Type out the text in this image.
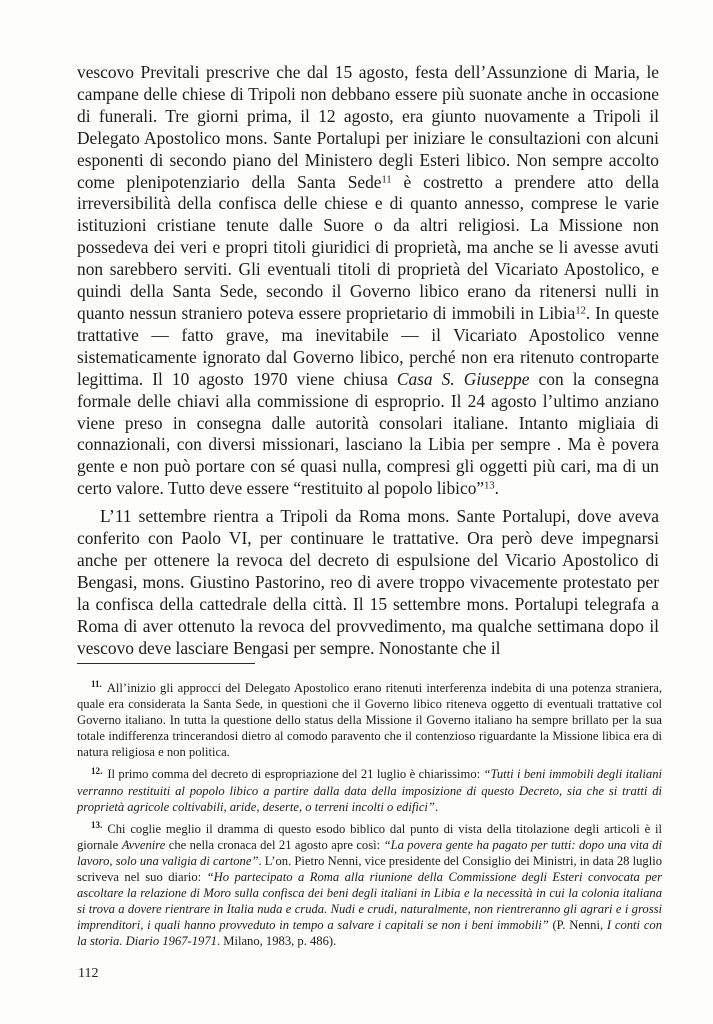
vescovo Previtali prescrive che dal 15 agosto, festa dell’Assunzione di Maria, le campane delle chiese di Tripoli non debbano essere più suonate anche in occasione di funerali. Tre giorni prima, il 12 agosto, era giunto nuovamente a Tripoli il Delegato Apostolico mons. Sante Portalupi per iniziare le consultazioni con alcuni esponenti di secondo piano del Ministero degli Esteri libico. Non sempre accolto come plenipotenziario della Santa Sede$^{11}$ è costretto a prendere atto della irreversibilità della confisca delle chiese e di quanto annesso, comprese le varie istituzioni cristiane tenute dalle Suore o da altri religiosi. La Missione non possedeva dei veri e propri titoli giuridici di proprietà, ma anche se li avesse avuti non sarebbero serviti. Gli eventuali titoli di proprietà del Vicariato Apostolico, e quindi della Santa Sede, secondo il Governo libico erano da ritenersi nulli in quanto nessun straniero poteva essere proprietario di immobili in Libia$^{12}$. In queste trattative — fatto grave, ma inevitabile — il Vicariato Apostolico venne sistematicamente ignorato dal Governo libico, perché non era ritenuto controparte legittima. Il 10 agosto 1970 viene chiusa Casa S. Giuseppe con la consegna formale delle chiavi alla commissione di esproprio. Il 24 agosto l’ultimo anziano viene preso in consegna dalle autorità consolari italiane. Intanto migliaia di connazionali, con diversi missionari, lasciano la Libia per sempre . Ma è povera gente e non può portare con sé quasi nulla, compresi gli oggetti più cari, ma di un certo valore. Tutto deve essere “restituito al popolo libico”$^{13}$.

L’11 settembre rientra a Tripoli da Roma mons. Sante Portalupi, dove aveva conferito con Paolo VI, per continuare le trattative. Ora però deve impegnarsi anche per ottenere la revoca del decreto di espulsione del Vicario Apostolico di Bengasi, mons. Giustino Pastorino, reo di avere troppo vivacemente protestato per la confisca della cattedrale della città. Il 15 settembre mons. Portalupi telegrafa a Roma di aver ottenuto la revoca del provvedimento, ma qualche settimana dopo il vescovo deve lasciare Bengasi per sempre. Nonostante che il

$^{11.}$ All’inizio gli approcci del Delegato Apostolico erano ritenuti interferenza indebita di una potenza straniera, quale era considerata la Santa Sede, in questioni che il Governo libico riteneva oggetto di eventuali trattative col Governo italiano. In tutta la questione dello status della Missione il Governo italiano ha sempre brillato per la sua totale indifferenza trincerandosi dietro al comodo paravento che il contenzioso riguardante la Missione libica era di natura religiosa e non politica.

$^{12.}$ Il primo comma del decreto di espropriazione del 21 luglio è chiarissimo: “Tutti i beni immobili degli italiani verranno restituiti al popolo libico a partire dalla data della imposizione di questo Decreto, sia che si tratti di proprietà agricole coltivabili, aride, deserte, o terreni incolti o edifici”.

$^{13.}$ Chi coglie meglio il dramma di questo esodo biblico dal punto di vista della titolazione degli articoli è il giornale Avvenire che nella cronaca del 21 agosto apre così: “La povera gente ha pagato per tutti: dopo una vita di lavoro, solo una valigia di cartone”. L’on. Pietro Nenni, vice presidente del Consiglio dei Ministri, in data 28 luglio scriveva nel suo diario: “Ho partecipato a Roma alla riunione della Commissione degli Esteri convocata per ascoltare la relazione di Moro sulla confisca dei beni degli italiani in Libia e la necessità in cui la colonia italiana si trova a dovere rientrare in Italia nuda e cruda. Nudi e crudi, naturalmente, non rientreranno gli agrari e i grossi imprenditori, i quali hanno provveduto in tempo a salvare i capitali se non i beni immobili” (P. Nenni, I conti con la storia. Diario 1967-1971. Milano, 1983, p. 486).

112
